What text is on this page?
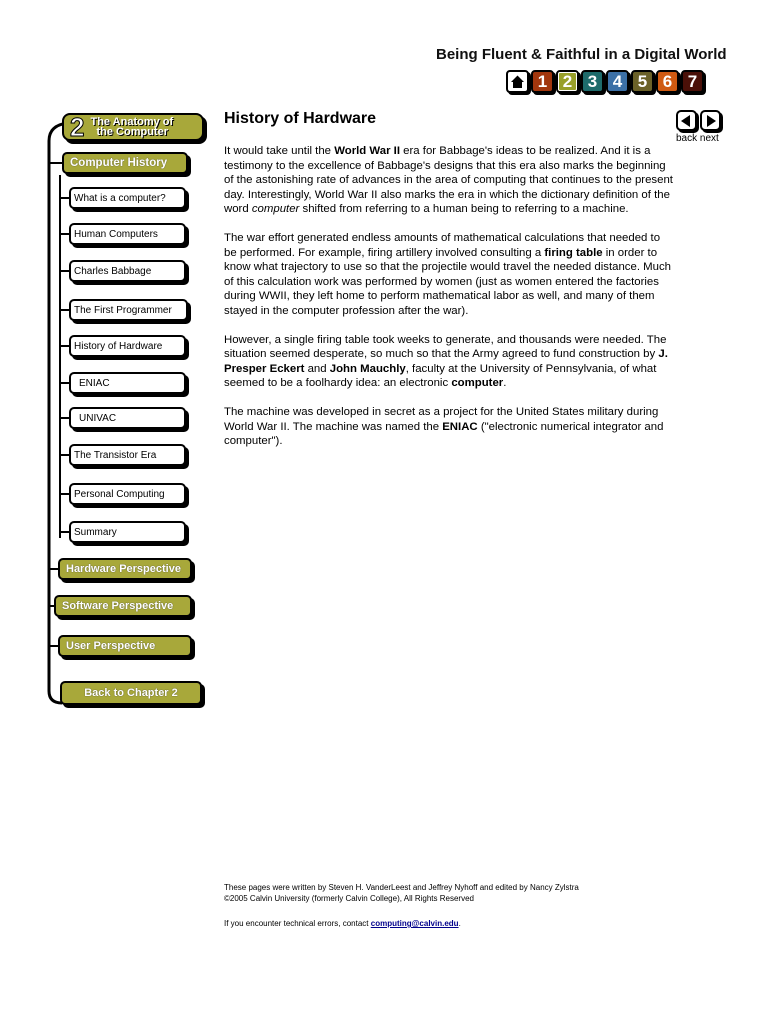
Being Fluent & Faithful in a Digital World
1 2 3 4 5 6 7
2 The Anatomy of
the Computer
Computer History
What is a computer?
Human Computers
Charles Babbage
The First Programmer
History of Hardware
ENIAC
UNIVAC
The Transistor Era
Personal Computing
Summary
Hardware Perspective
Software Perspective
User Perspective
Back to Chapter 2
back next
History of Hardware

It would take until the World War II era for Babbage's ideas to be realized. And it is a testimony to the excellence of Babbage's designs that this era also marks the beginning of the astonishing rate of advances in the area of computing that continues to the present day. Interestingly, World War II also marks the era in which the dictionary definition of the word computer shifted from referring to a human being to referring to a machine.

The war effort generated endless amounts of mathematical calculations that needed to be performed. For example, firing artillery involved consulting a firing table in order to know what trajectory to use so that the projectile would travel the needed distance. Much of this calculation work was performed by women (just as women entered the factories during WWII, they left home to perform mathematical labor as well, and many of them stayed in the computer profession after the war).

However, a single firing table took weeks to generate, and thousands were needed. The situation seemed desperate, so much so that the Army agreed to fund construction by J. Presper Eckert and John Mauchly, faculty at the University of Pennsylvania, of what seemed to be a foolhardy idea: an electronic computer.

The machine was developed in secret as a project for the United States military during World War II. The machine was named the ENIAC ("electronic numerical integrator and computer").

These pages were written by Steven H. VanderLeest and Jeffrey Nyhoff and edited by Nancy Zylstra
©2005 Calvin University (formerly Calvin College), All Rights Reserved

If you encounter technical errors, contact computing@calvin.edu.
